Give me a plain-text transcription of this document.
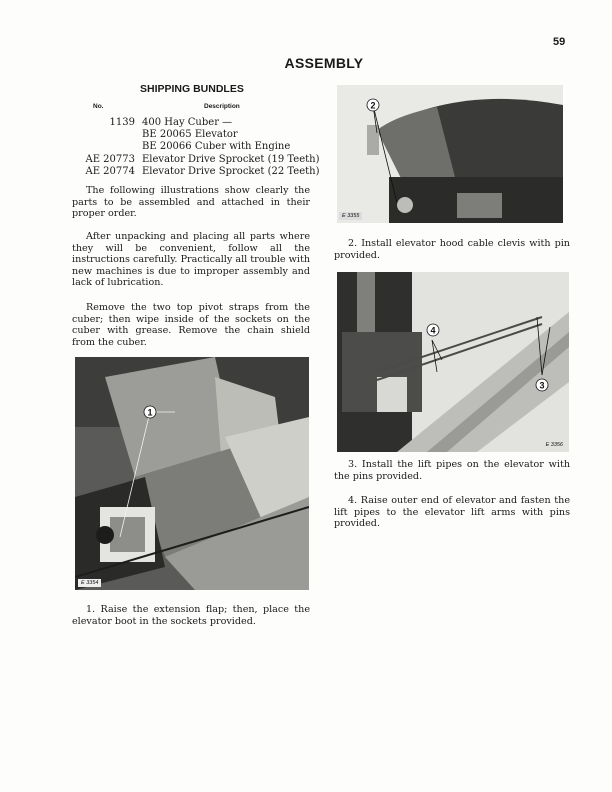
59
ASSEMBLY
SHIPPING BUNDLES
No.	Description
1139 400 Hay Cuber —
BE 20065 Elevator
BE 20066 Cuber with Engine
AE 20773 Elevator Drive Sprocket (19 Teeth)
AE 20774 Elevator Drive Sprocket (22 Teeth)

The following illustrations show clearly the parts to be assembled and attached in their proper order.

After unpacking and placing all parts where they will be convenient, follow all the instructions carefully. Practically all trouble with new machines is due to improper assembly and lack of lubrication.

Remove the two top pivot straps from the cuber; then wipe inside of the sockets on the cuber with grease. Remove the chain shield from the cuber.

1
E 3354

1. Raise the extension flap; then, place the elevator boot in the sockets provided.

2
E 3355

2. Install elevator hood cable clevis with pin provided.

4
3
E 3356

3. Install the lift pipes on the elevator with the pins provided.

4. Raise outer end of elevator and fasten the lift pipes to the elevator lift arms with pins provided.
